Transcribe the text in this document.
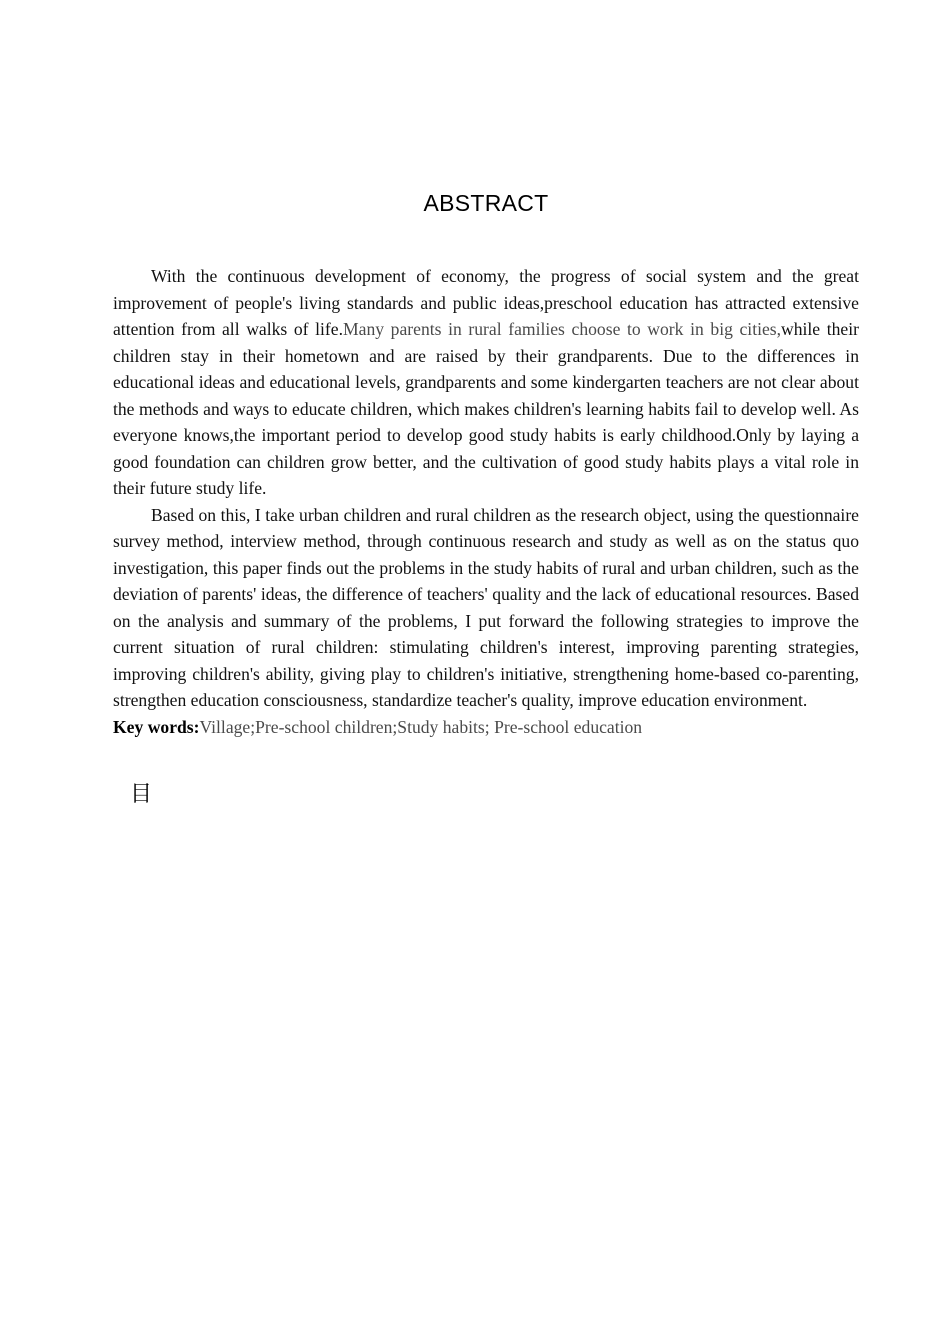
ABSTRACT

With the continuous development of economy, the progress of social system and the great improvement of people's living standards and public ideas,preschool education has attracted extensive attention from all walks of life.Many parents in rural families choose to work in big cities,while their children stay in their hometown and are raised by their grandparents. Due to the differences in educational ideas and educational levels, grandparents and some kindergarten teachers are not clear about the methods and ways to educate children, which makes children's learning habits fail to develop well. As everyone knows,the important period to develop good study habits is early childhood.Only by laying a good foundation can children grow better, and the cultivation of good study habits plays a vital role in their future study life.

Based on this, I take urban children and rural children as the research object, using the questionnaire survey method, interview method, through continuous research and study as well as on the status quo investigation, this paper finds out the problems in the study habits of rural and urban children, such as the deviation of parents' ideas, the difference of teachers' quality and the lack of educational resources. Based on the analysis and summary of the problems, I put forward the following strategies to improve the current situation of rural children: stimulating children's interest, improving parenting strategies, improving children's ability, giving play to children's initiative, strengthening home-based co-parenting, strengthen education consciousness, standardize teacher's quality, improve education environment.

Key words:Village;Pre-school children;Study habits; Pre-school education

目
